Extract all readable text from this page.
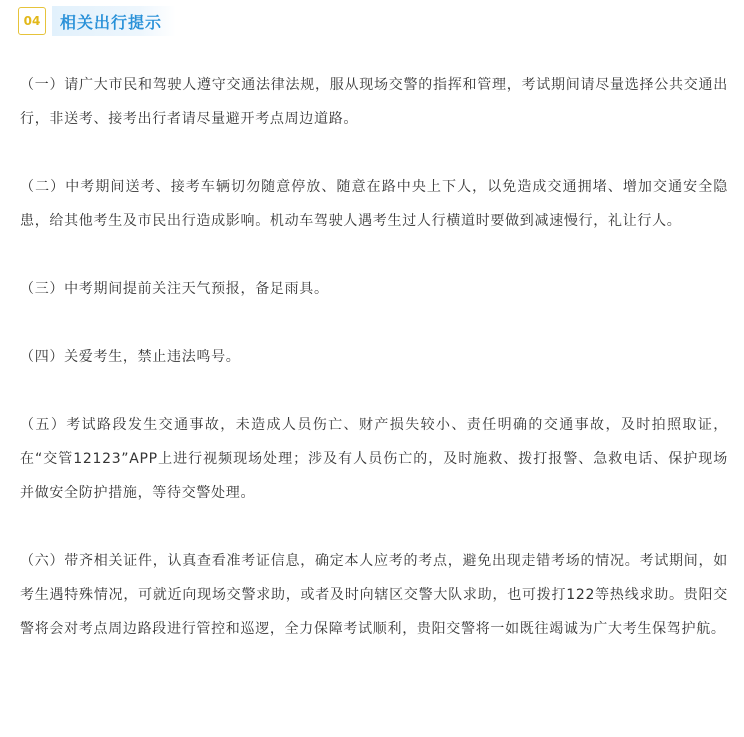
04	相关出行提示

（一）请广大市民和驾驶人遵守交通法律法规，服从现场交警的指挥和管理，考试期间请尽量选择公共交通出行，非送考、接考出行者请尽量避开考点周边道路。

（二）中考期间送考、接考车辆切勿随意停放、随意在路中央上下人，以免造成交通拥堵、增加交通安全隐患，给其他考生及市民出行造成影响。机动车驾驶人遇考生过人行横道时要做到减速慢行，礼让行人。

（三）中考期间提前关注天气预报，备足雨具。

（四）关爱考生，禁止违法鸣号。

（五）考试路段发生交通事故，未造成人员伤亡、财产损失较小、责任明确的交通事故，及时拍照取证，在“交管12123”APP上进行视频现场处理；涉及有人员伤亡的，及时施救、拨打报警、急救电话、保护现场并做安全防护措施，等待交警处理。

（六）带齐相关证件，认真查看准考证信息，确定本人应考的考点，避免出现走错考场的情况。考试期间，如考生遇特殊情况，可就近向现场交警求助，或者及时向辖区交警大队求助，也可拨打122等热线求助。贵阳交警将会对考点周边路段进行管控和巡逻，全力保障考试顺利，贵阳交警将一如既往竭诚为广大考生保驾护航。
